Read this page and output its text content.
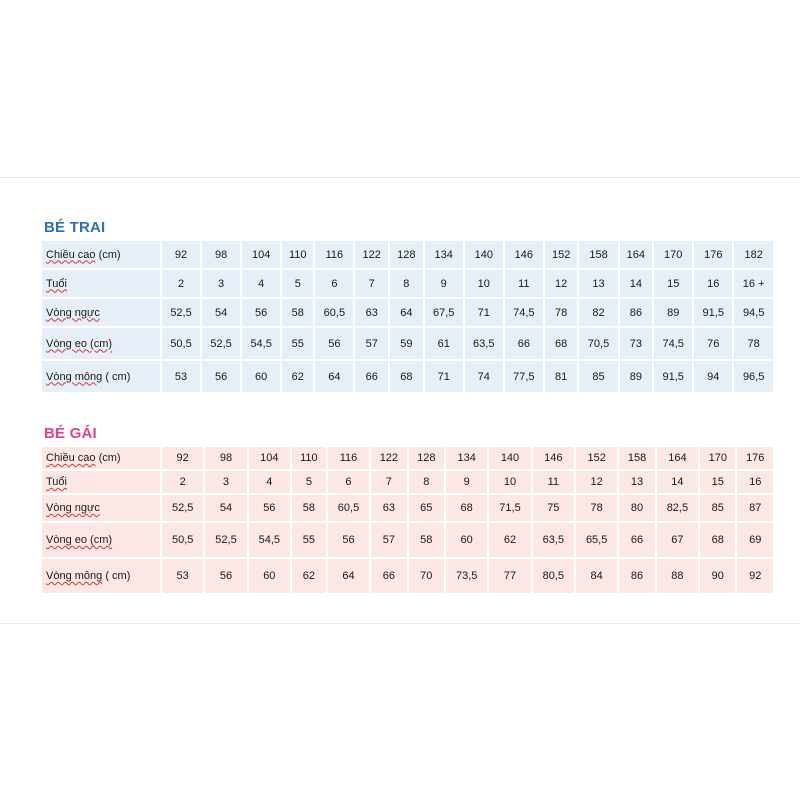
BÉ TRAI
Chiều cao (cm)	92	98	104	110	116	122	128	134	140	146	152	158	164	170	176	182
Tuổi	2	3	4	5	6	7	8	9	10	11	12	13	14	15	16	16 +
Vòng ngực	52,5	54	56	58	60,5	63	64	67,5	71	74,5	78	82	86	89	91,5	94,5
Vòng eo (cm)	50,5	52,5	54,5	55	56	57	59	61	63,5	66	68	70,5	73	74,5	76	78
Vòng mông ( cm)	53	56	60	62	64	66	68	71	74	77,5	81	85	89	91,5	94	96,5
BÉ GÁI
Chiều cao (cm)	92	98	104	110	116	122	128	134	140	146	152	158	164	170	176
Tuổi	2	3	4	5	6	7	8	9	10	11	12	13	14	15	16
Vòng ngực	52,5	54	56	58	60,5	63	65	68	71,5	75	78	80	82,5	85	87
Vòng eo (cm)	50,5	52,5	54,5	55	56	57	58	60	62	63,5	65,5	66	67	68	69
Vòng mông ( cm)	53	56	60	62	64	66	70	73,5	77	80,5	84	86	88	90	92
